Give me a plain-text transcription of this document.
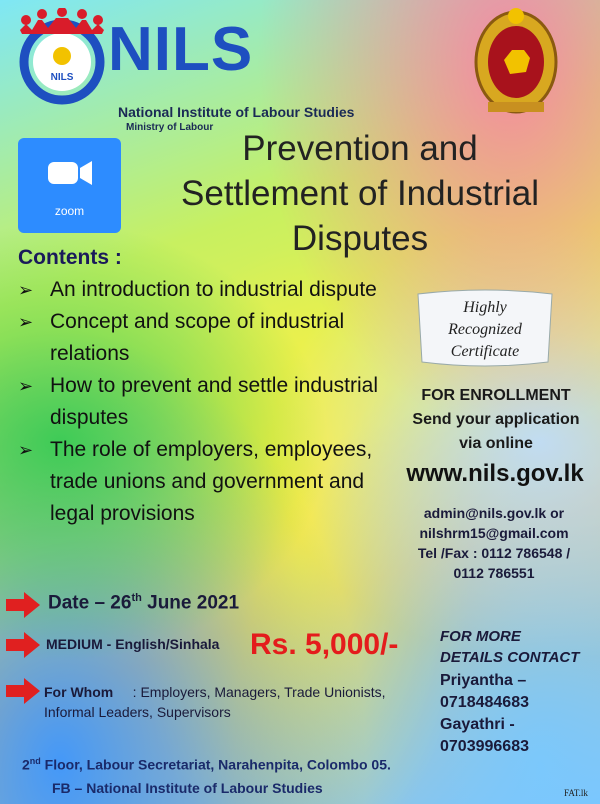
NILS NILS
National Institute of Labour Studies
Ministry of Labour
zoom
Prevention and
Settlement of Industrial
Disputes
Contents :
➢ An introduction to industrial dispute
➢ Concept and scope of industrial relations
➢ How to prevent and settle industrial disputes
➢ The role of employers, employees, trade unions and government and legal provisions
Highly
Recognized
Certificate
FOR ENROLLMENT
Send your application
via online
www.nils.gov.lk
admin@nils.gov.lk or
nilshrm15@gmail.com
Tel /Fax : 0112 786548 /
0112 786551
Date – 26th June 2021
MEDIUM - English/Sinhala Rs. 5,000/-	FOR MORE
DETAILS CONTACT
For Whom : Employers, Managers, Trade Unionists, Informal Leaders, Supervisors
Priyantha –
0718484683
Gayathri -
0703996683
2nd Floor, Labour Secretariat, Narahenpita, Colombo 05.
FB – National Institute of Labour Studies	FAT.lk
